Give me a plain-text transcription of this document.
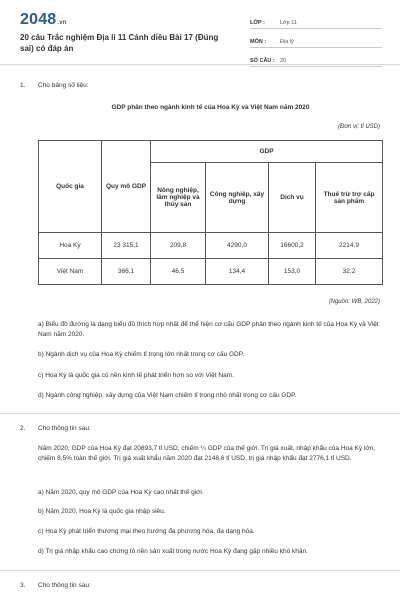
2048.vn
20 câu Trắc nghiệm Địa lí 11 Cánh diều Bài 17 (Đúng sai) có đáp án
LỚP :	Lớp 11
MÔN :	Địa lý
SỐ CÂU : 20
1. Cho bảng số liệu:
GDP phân theo ngành kinh tế của Hoa Kỳ và Việt Nam năm 2020
(Đơn vị: tỉ USD)
Quốc gia	Quy mô GDP	GDP			
		Nông nghiệp, lâm nghiệp và thủy sản	Công nghiệp, xây dựng	Dịch vụ	Thuế trừ trợ cấp sản phẩm
Hoa Kỳ	23 315,1	209,8	4290,0	16600,2	2214,9
Việt Nam	366,1	46,5	134,4	153,0	32,2
(Nguồn: WB, 2022)
a) Biểu đồ đường là dạng biểu đồ thích hợp nhất để thể hiện cơ cấu GDP phân theo ngành kinh tế của Hoa Kỳ và Việt Nam năm 2020.
b) Ngành dịch vụ của Hoa Kỳ chiếm tỉ trọng lớn nhất trong cơ cấu GDP.
c) Hoa Kỳ là quốc gia có nền kinh tế phát triển hơn so với Việt Nam.
d) Ngành công nghiệp, xây dựng của Việt Nam chiếm tỉ trọng nhỏ nhất trong cơ cấu GDP.
2. Cho thông tin sau:
Năm 2020, GDP của Hoa Kỳ đạt 20893,7 tỉ USD, chiếm ¼ GDP của thế giới. Trị giá xuất, nhập khẩu của Hoa Kỳ lớn, chiếm 8,5% toàn thế giới. Trị giá xuất khẩu năm 2020 đạt 2148,6 tỉ USD, trị giá nhập khẩu đạt 2776,1 tỉ USD.
a) Năm 2020, quy mô GDP của Hoa Kỳ cao nhất thế giới.
b) Năm 2020, Hoa Kỳ là quốc gia nhập siêu.
c) Hoa Kỳ phát triển thương mại theo hướng đa phương hóa, đa dạng hóa.
d) Trị giá nhập khẩu cao chứng tỏ nền sản xuất trong nước Hoa Kỳ đang gặp nhiều khó khăn.
3. Cho thông tin sau:
